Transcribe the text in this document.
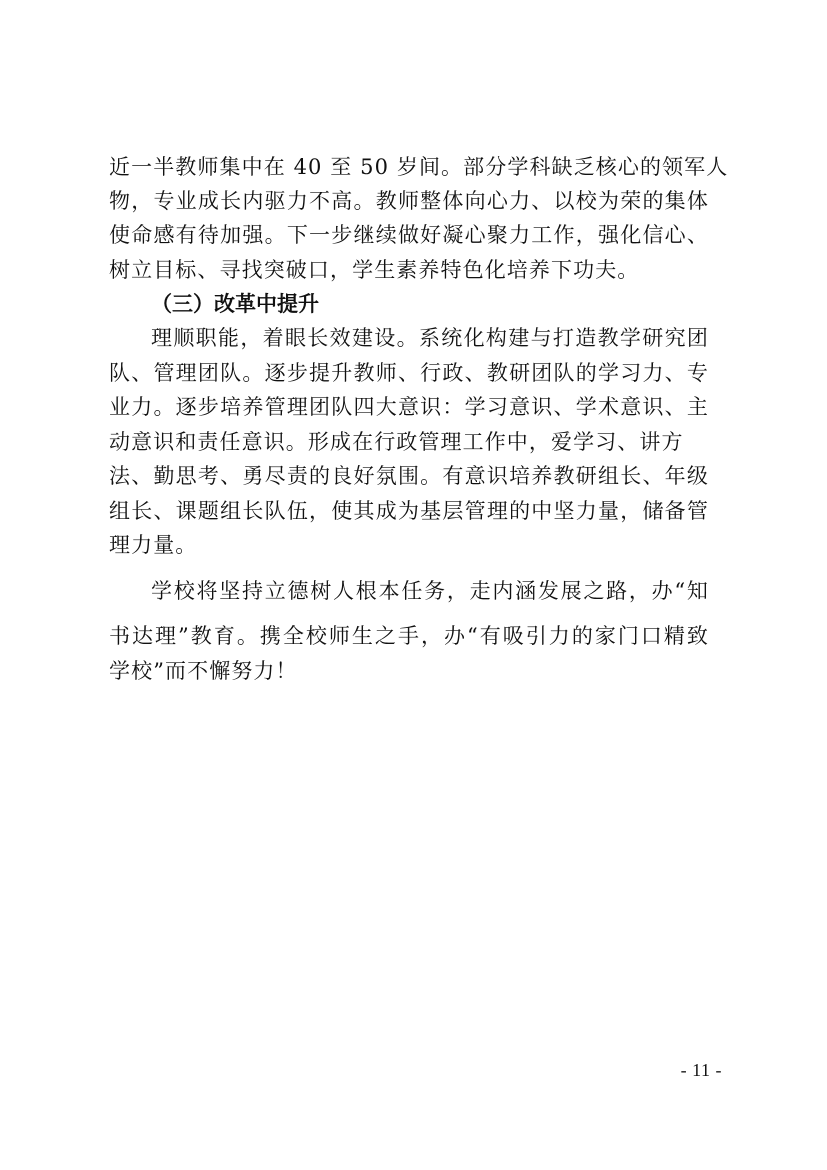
近一半教师集中在 40 至 50 岁间。部分学科缺乏核心的领军人
物，专业成长内驱力不高。教师整体向心力、以校为荣的集体
使命感有待加强。下一步继续做好凝心聚力工作，强化信心、
树立目标、寻找突破口，学生素养特色化培养下功夫。
（三）改革中提升
理顺职能，着眼长效建设。系统化构建与打造教学研究团
队、管理团队。逐步提升教师、行政、教研团队的学习力、专
业力。逐步培养管理团队四大意识：学习意识、学术意识、主
动意识和责任意识。形成在行政管理工作中，爱学习、讲方
法、勤思考、勇尽责的良好氛围。有意识培养教研组长、年级
组长、课题组长队伍，使其成为基层管理的中坚力量，储备管
理力量。
学校将坚持立德树人根本任务，走内涵发展之路，办“知
书达理”教育。携全校师生之手，办“有吸引力的家门口精致
学校”而不懈努力！
- 11 -
